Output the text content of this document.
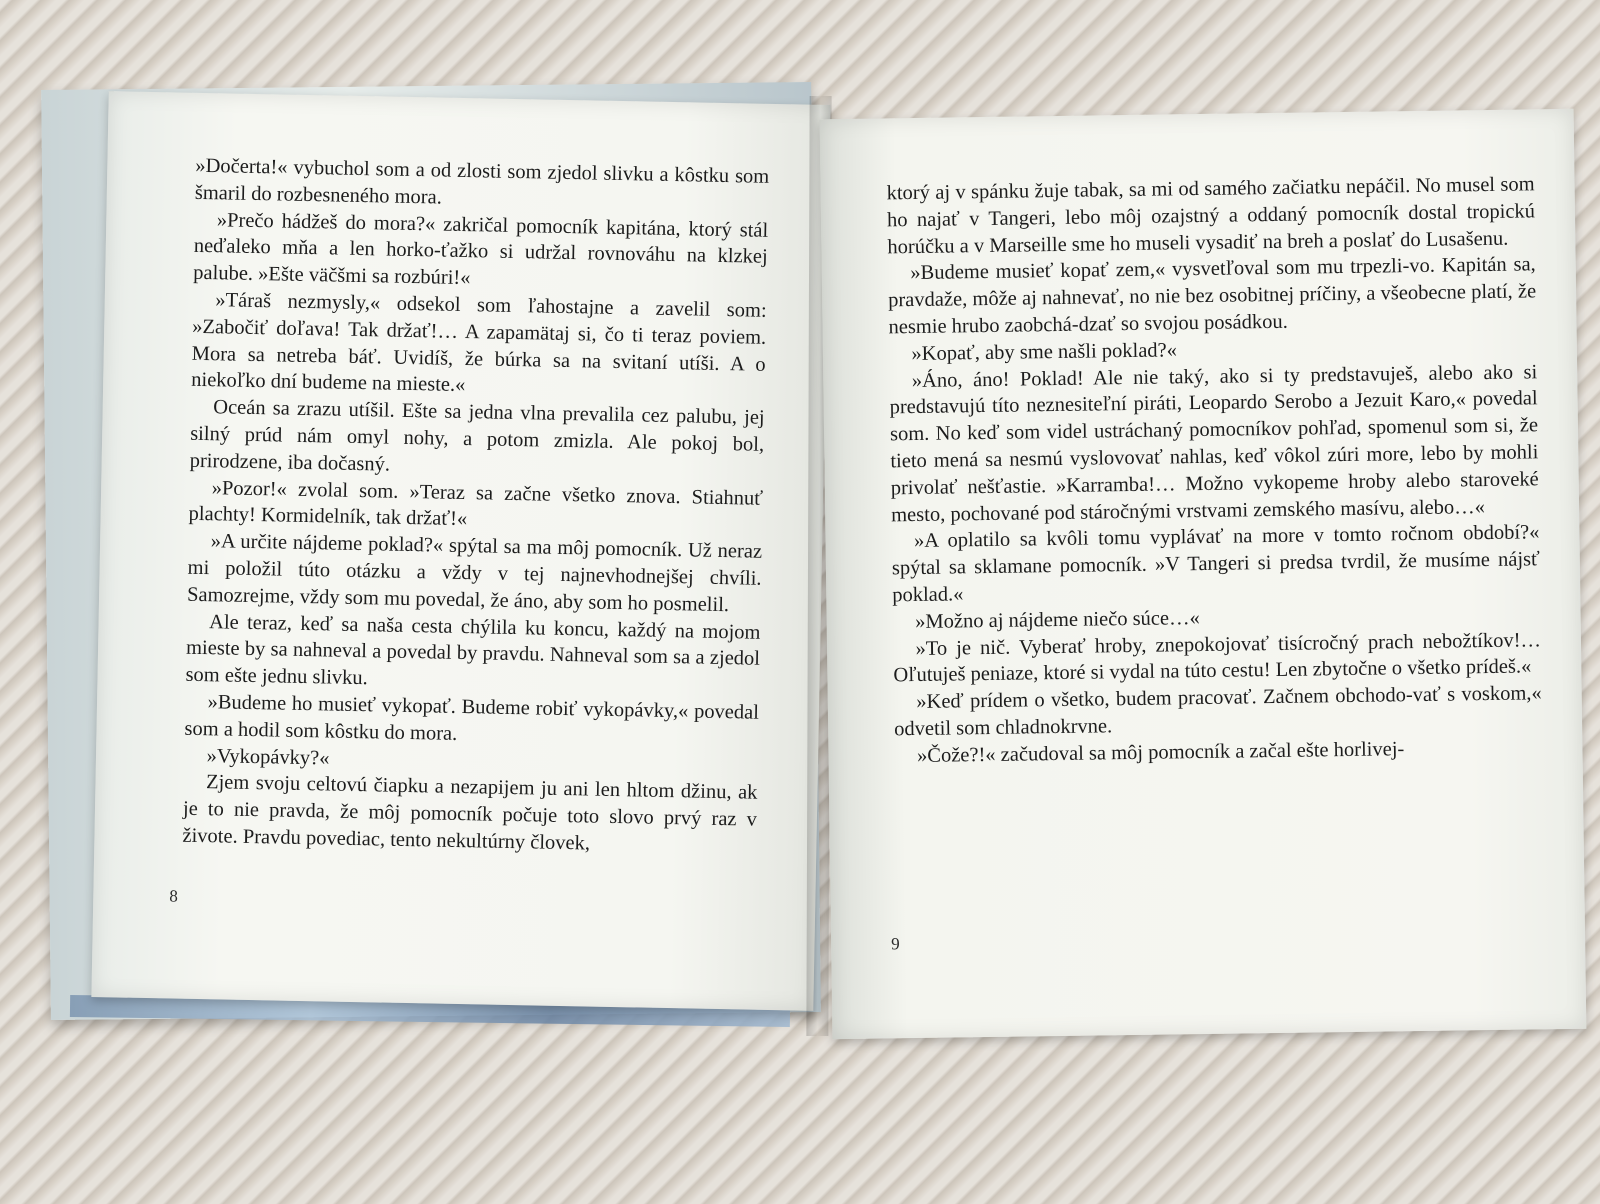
»Dočerta!« vybuchol som a od zlosti som zjedol slivku a kôstku som šmaril do rozbesneného mora.

»Prečo hádžeš do mora?« zakričal pomocník kapitána, ktorý stál neďaleko mňa a len horko-ťažko si udržal rovnováhu na klzkej palube. »Ešte väčšmi sa rozbúri!«

»Táraš nezmysly,« odsekol som ľahostajne a zavelil som: »Zabočiť doľava! Tak držať!… A zapamätaj si, čo ti teraz poviem. Mora sa netreba báť. Uvidíš, že búrka sa na svitaní utíši. A o niekoľko dní budeme na mieste.«

Oceán sa zrazu utíšil. Ešte sa jedna vlna prevalila cez palubu, jej silný prúd nám omyl nohy, a potom zmizla. Ale pokoj bol, prirodzene, iba dočasný.

»Pozor!« zvolal som. »Teraz sa začne všetko znova. Stiahnuť plachty! Kormidelník, tak držať!«

»A určite nájdeme poklad?« spýtal sa ma môj pomocník. Už neraz mi položil túto otázku a vždy v tej najnevhodnejšej chvíli. Samozrejme, vždy som mu povedal, že áno, aby som ho posmelil.

Ale teraz, keď sa naša cesta chýlila ku koncu, každý na mojom mieste by sa nahneval a povedal by pravdu. Nahneval som sa a zjedol som ešte jednu slivku.

»Budeme ho musieť vykopať. Budeme robiť vykopávky,« povedal som a hodil som kôstku do mora.

»Vykopávky?«

Zjem svoju celtovú čiapku a nezapijem ju ani len hltom džinu, ak je to nie pravda, že môj pomocník počuje toto slovo prvý raz v živote. Pravdu povediac, tento nekultúrny človek,

8

ktorý aj v spánku žuje tabak, sa mi od samého začiatku nepáčil. No musel som ho najať v Tangeri, lebo môj ozajstný a oddaný pomocník dostal tropickú horúčku a v Marseille sme ho museli vysadiť na breh a poslať do Lusašenu.

»Budeme musieť kopať zem,« vysvetľoval som mu trpezli-vo. Kapitán sa, pravdaže, môže aj nahnevať, no nie bez osobitnej príčiny, a všeobecne platí, že nesmie hrubo zaobchá-dzať so svojou posádkou.

»Kopať, aby sme našli poklad?«

»Áno, áno! Poklad! Ale nie taký, ako si ty predstavuješ, alebo ako si predstavujú títo neznesiteľní piráti, Leopardo Serobo a Jezuit Karo,« povedal som. No keď som videl ustráchaný pomocníkov pohľad, spomenul som si, že tieto mená sa nesmú vyslovovať nahlas, keď vôkol zúri more, lebo by mohli privolať nešťastie. »Karramba!… Možno vykopeme hroby alebo staroveké mesto, pochované pod stáročnými vrstvami zemského masívu, alebo…«

»A oplatilo sa kvôli tomu vyplávať na more v tomto ročnom období?« spýtal sa sklamane pomocník. »V Tangeri si predsa tvrdil, že musíme nájsť poklad.«

»Možno aj nájdeme niečo súce…«

»To je nič. Vyberať hroby, znepokojovať tisícročný prach nebožtíkov!… Oľutuješ peniaze, ktoré si vydal na túto cestu! Len zbytočne o všetko prídeš.«

»Keď prídem o všetko, budem pracovať. Začnem obchodo-vať s voskom,« odvetil som chladnokrvne.

»Čože?!« začudoval sa môj pomocník a začal ešte horlivej-

9
